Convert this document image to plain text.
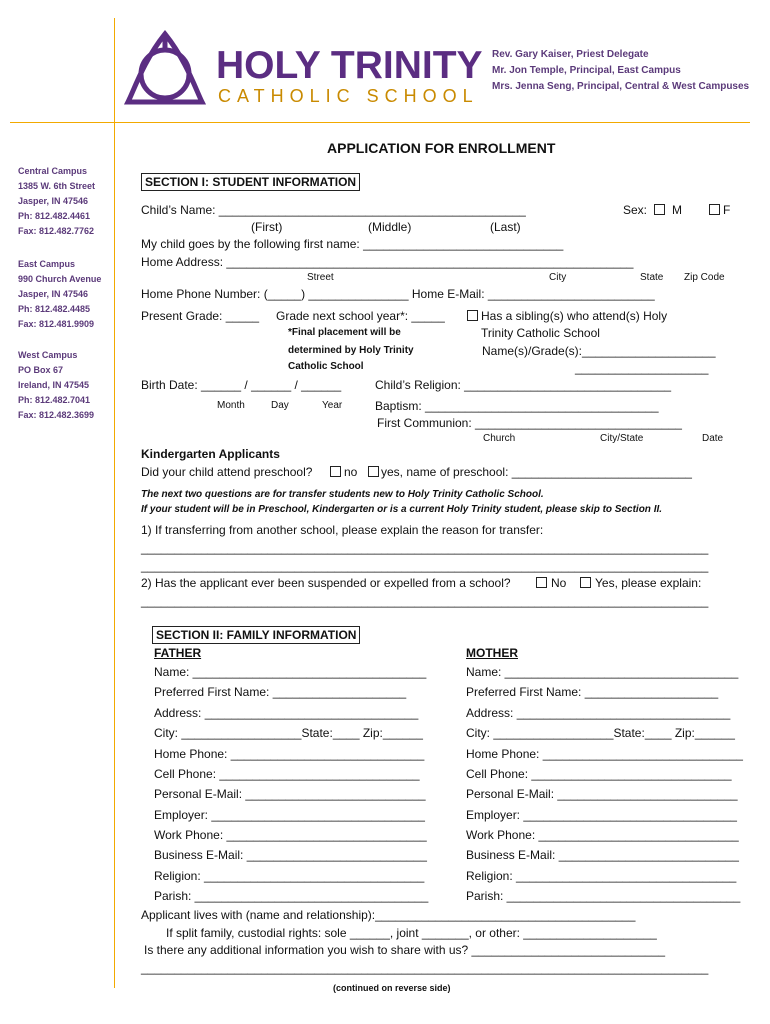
HOLY TRINITY
CATHOLIC SCHOOL
Rev. Gary Kaiser, Priest Delegate
Mr. Jon Temple, Principal, East Campus
Mrs. Jenna Seng, Principal, Central & West Campuses
APPLICATION FOR ENROLLMENT
Central Campus
1385 W. 6th Street
Jasper, IN 47546
Ph: 812.482.4461
Fax: 812.482.7762
East Campus
990 Church Avenue
Jasper, IN 47546
Ph: 812.482.4485
Fax: 812.481.9909
West Campus
PO Box 67
Ireland, IN 47545
Ph: 812.482.7041
Fax: 812.482.3699
SECTION I: STUDENT INFORMATION
Child’s Name: ______________________________________________	Sex: M	F
(First)	(Middle)	(Last)
My child goes by the following first name: ______________________________
Home Address: _____________________________________________________________
Street	City	State Zip Code
Home Phone Number: (_____) _______________ Home E-Mail: _________________________
Present Grade: _____ Grade next school year*: _____
*Final placement will be
determined by Holy Trinity
Catholic School
Has a sibling(s) who attend(s) Holy
Trinity Catholic School
Name(s)/Grade(s):____________________
____________________
Birth Date: ______ / ______ / ______
Month	Day	Year
Child’s Religion: _______________________________
Baptism: ___________________________________
First Communion: _______________________________
Church	City/State	Date
Kindergarten Applicants
Did your child attend preschool?	no yes, name of preschool: ___________________________
The next two questions are for transfer students new to Holy Trinity Catholic School.
If your student will be in Preschool, Kindergarten or is a current Holy Trinity student, please skip to Section II.
1) If transferring from another school, please explain the reason for transfer:
_____________________________________________________________________________________
_____________________________________________________________________________________
2) Has the applicant ever been suspended or expelled from a school?	No Yes, please explain:
_____________________________________________________________________________________
SECTION II: FAMILY INFORMATION
FATHER	MOTHER
Name: ___________________________________
Preferred First Name: ____________________
Address: ________________________________
City: __________________State:____ Zip:______
Home Phone: _____________________________
Cell Phone: ______________________________
Personal E-Mail: ___________________________
Employer: ________________________________
Work Phone: ______________________________
Business E-Mail: ___________________________
Religion: _________________________________
Parish: ___________________________________
Name: ___________________________________
Preferred First Name: ____________________
Address: ________________________________
City: __________________State:____ Zip:______
Home Phone: ______________________________
Cell Phone: ______________________________
Personal E-Mail: ___________________________
Employer: ________________________________
Work Phone: ______________________________
Business E-Mail: ___________________________
Religion: _________________________________
Parish: ___________________________________
Applicant lives with (name and relationship):_______________________________________
If split family, custodial rights: sole ______, joint _______, or other: ____________________
Is there any additional information you wish to share with us? _____________________________
_____________________________________________________________________________________
(continued on reverse side)
